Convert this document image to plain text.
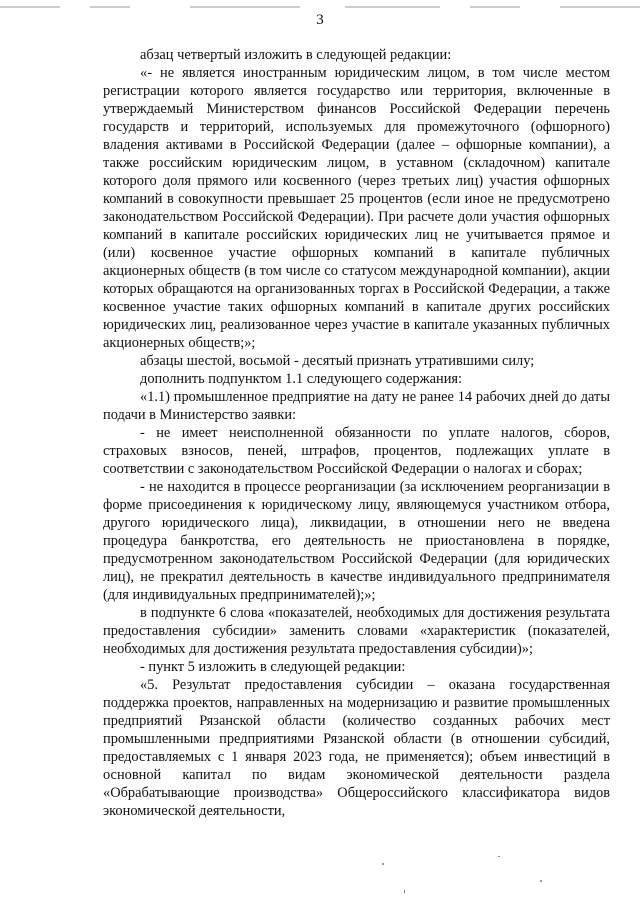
3

абзац четвертый изложить в следующей редакции:

«- не является иностранным юридическим лицом, в том числе местом регистрации которого является государство или территория, включенные в утверждаемый Министерством финансов Российской Федерации перечень государств и территорий, используемых для промежуточного (офшорного) владения активами в Российской Федерации (далее – офшорные компании), а также российским юридическим лицом, в уставном (складочном) капитале которого доля прямого или косвенного (через третьих лиц) участия офшорных компаний в совокупности превышает 25 процентов (если иное не предусмотрено законодательством Российской Федерации). При расчете доли участия офшорных компаний в капитале российских юридических лиц не учитывается прямое и (или) косвенное участие офшорных компаний в капитале публичных акционерных обществ (в том числе со статусом международной компании), акции которых обращаются на организованных торгах в Российской Федерации, а также косвенное участие таких офшорных компаний в капитале других российских юридических лиц, реализованное через участие в капитале указанных публичных акционерных обществ;»;

абзацы шестой, восьмой - десятый признать утратившими силу;

дополнить подпунктом 1.1 следующего содержания:

«1.1) промышленное предприятие на дату не ранее 14 рабочих дней до даты подачи в Министерство заявки:

- не имеет неисполненной обязанности по уплате налогов, сборов, страховых взносов, пеней, штрафов, процентов, подлежащих уплате в соответствии с законодательством Российской Федерации о налогах и сборах;

- не находится в процессе реорганизации (за исключением реорганизации в форме присоединения к юридическому лицу, являющемуся участником отбора, другого юридического лица), ликвидации, в отношении него не введена процедура банкротства, его деятельность не приостановлена в порядке, предусмотренном законодательством Российской Федерации (для юридических лиц), не прекратил деятельность в качестве индивидуального предпринимателя (для индивидуальных предпринимателей);»;

в подпункте 6 слова «показателей, необходимых для достижения результата предоставления субсидии» заменить словами «характеристик (показателей, необходимых для достижения результата предоставления субсидии)»;

- пункт 5 изложить в следующей редакции:

«5. Результат предоставления субсидии – оказана государственная поддержка проектов, направленных на модернизацию и развитие промышленных предприятий Рязанской области (количество созданных рабочих мест промышленными предприятиями Рязанской области (в отношении субсидий, предоставляемых с 1 января 2023 года, не применяется); объем инвестиций в основной капитал по видам экономической деятельности раздела «Обрабатывающие производства» Общероссийского классификатора видов экономической деятельности,
